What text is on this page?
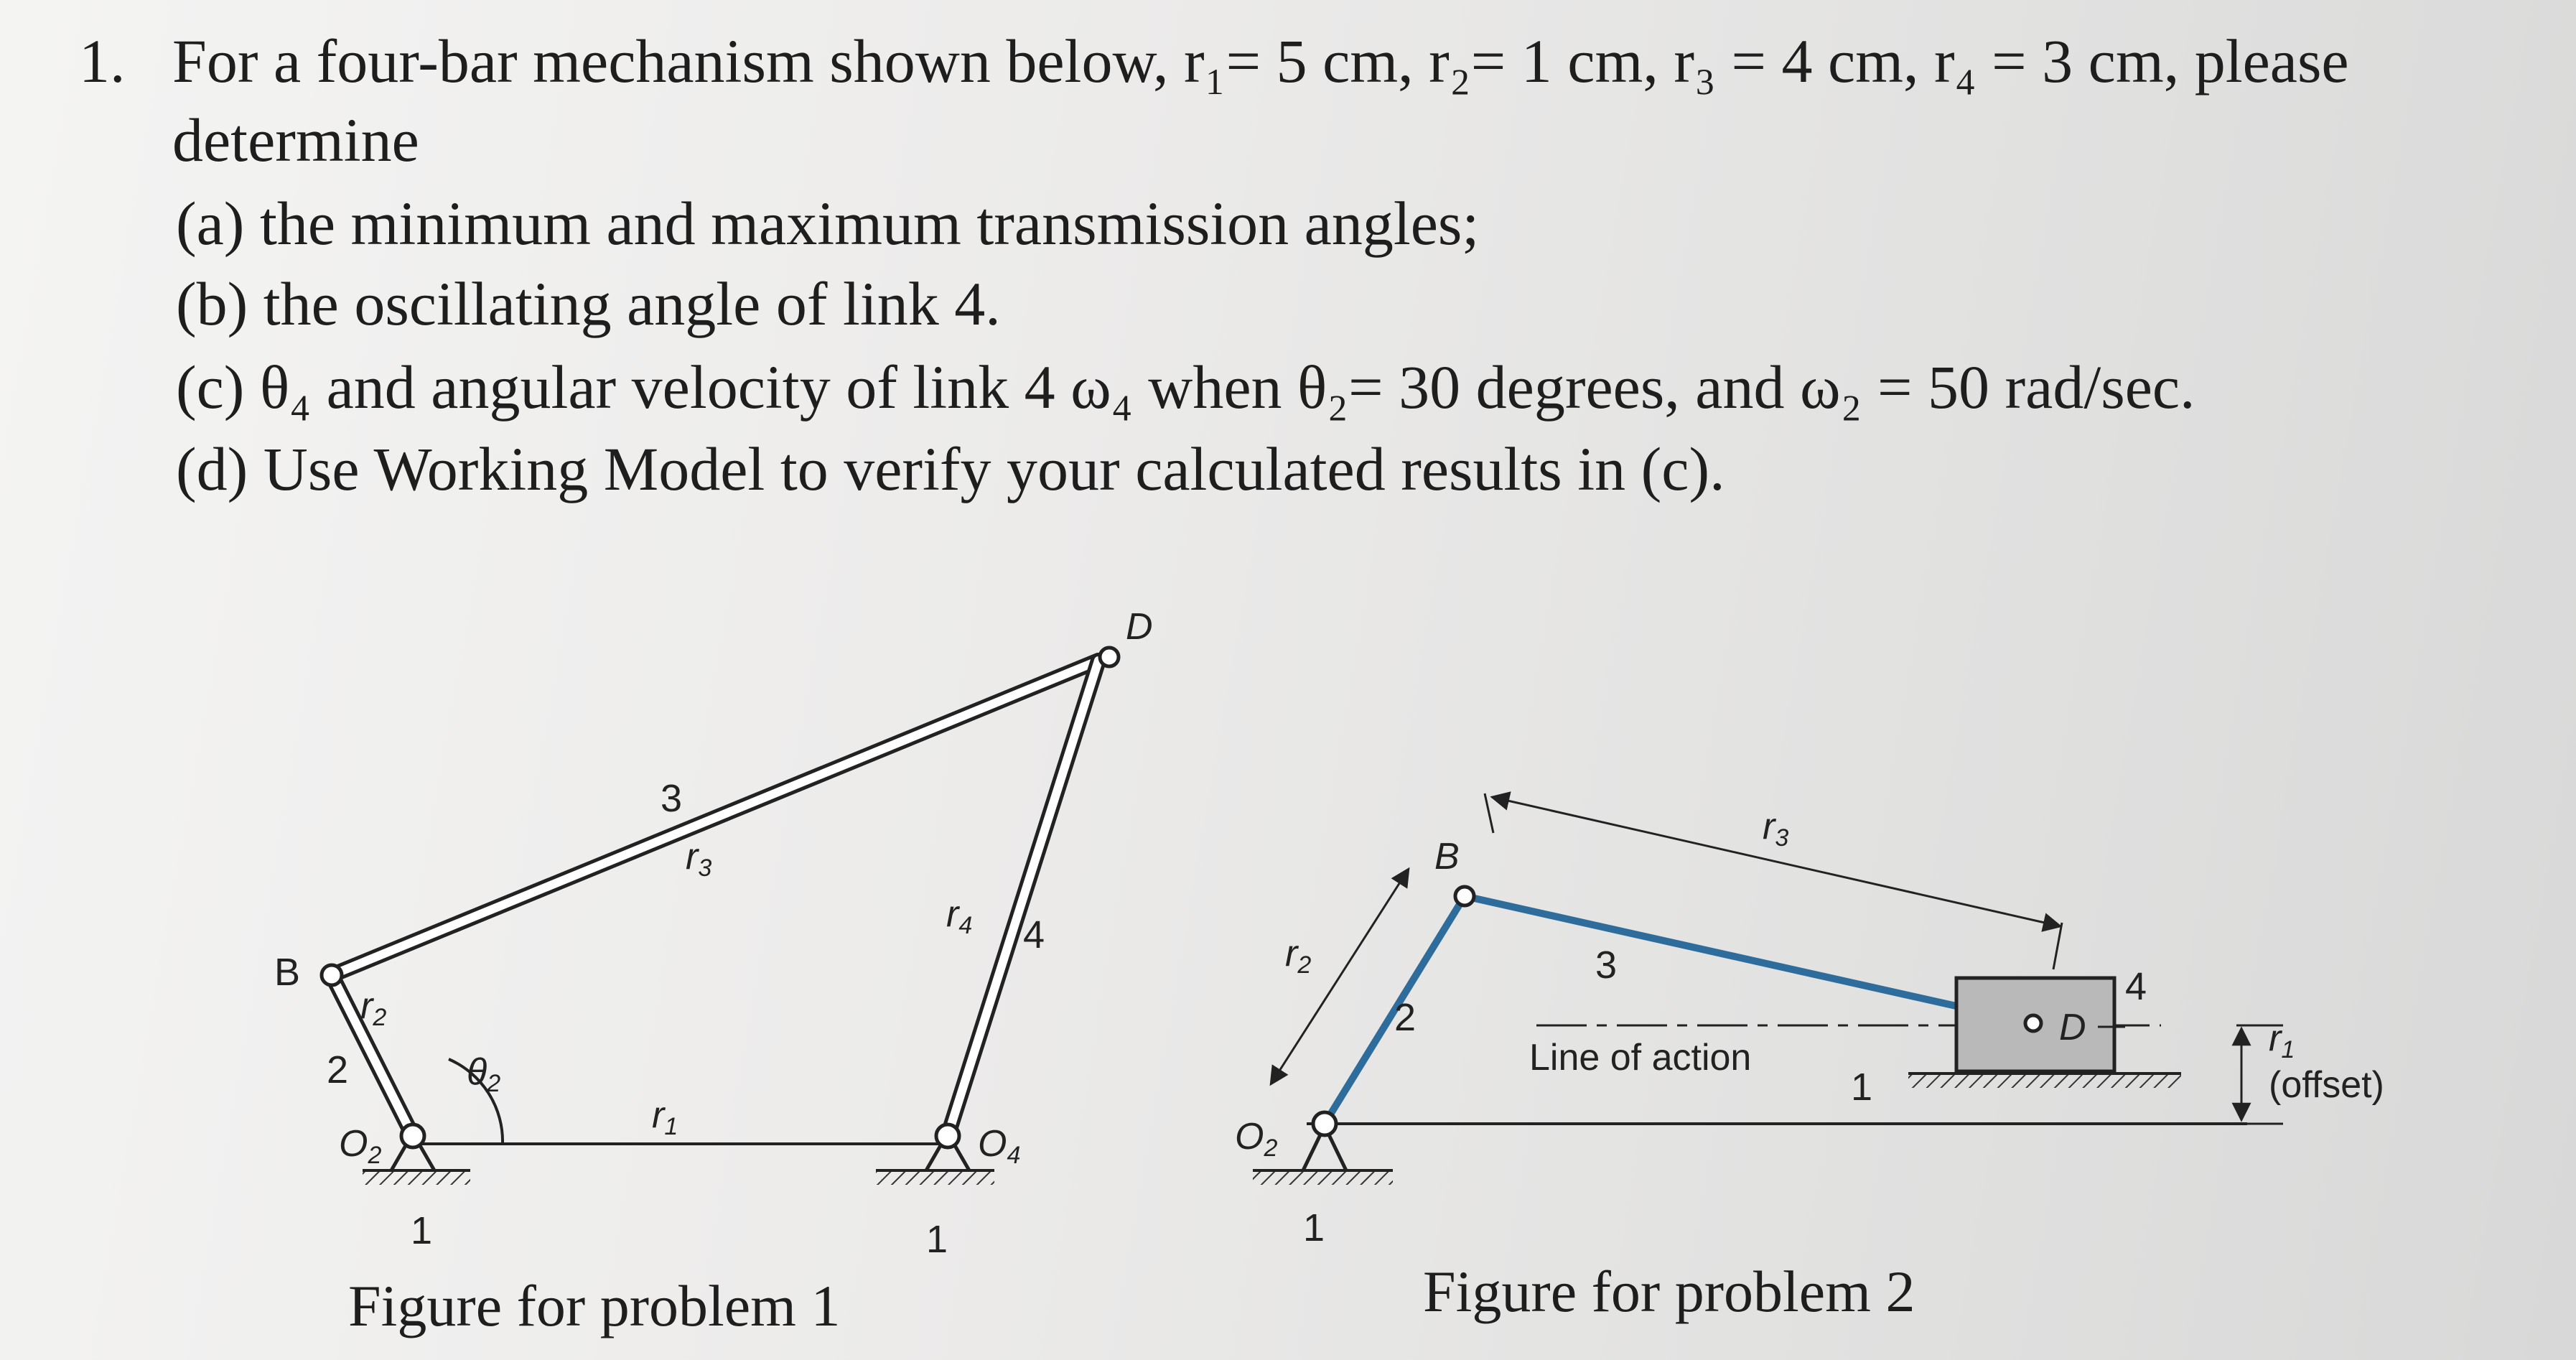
1. For a four-bar mechanism shown below, r₁= 5 cm, r₂= 1 cm, r₃ = 4 cm, r₄ = 3 cm, please
determine
(a) the minimum and maximum transmission angles;
(b) the oscillating angle of link 4.
(c) θ₄ and angular velocity of link 4 ω₄ when θ₂= 30 degrees, and ω₂ = 50 rad/sec.
(d) Use Working Model to verify your calculated results in (c).
B
D
O2	O4
r2
r3
r4
r1
θ2
2
3
4
1	1
B
D
O2
r2
r3
r1
(offset)
Line of action
2
3	4
1
1
Figure for problem 1	Figure for problem 2
